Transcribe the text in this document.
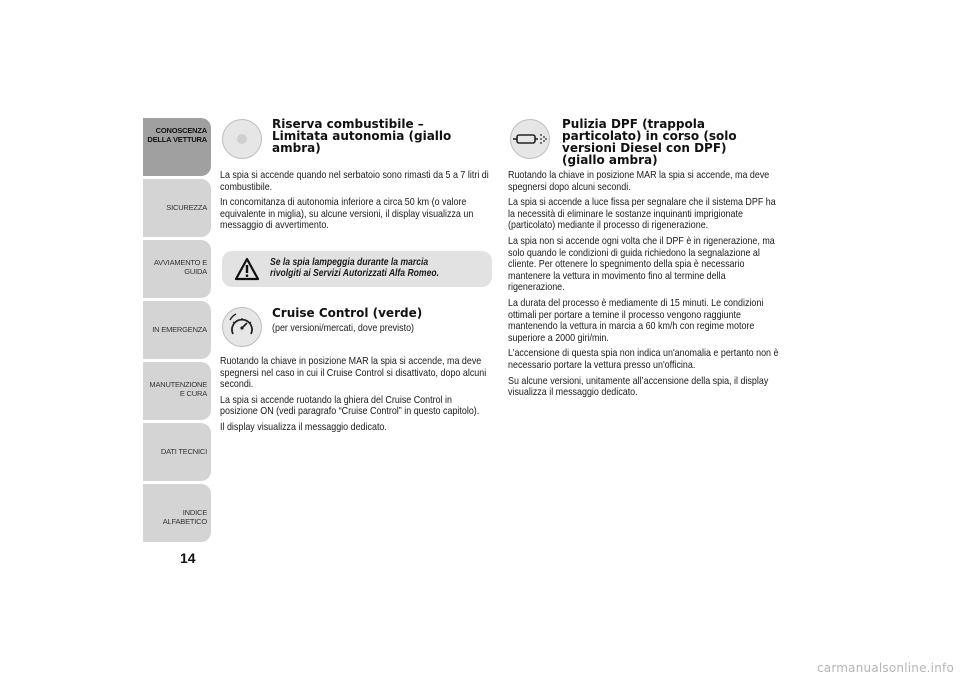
CONOSCENZA DELLA VETTURA
SICUREZZA
AVVIAMENTO E GUIDA
IN EMERGENZA
MANUTENZIONE E CURA
DATI TECNICI
INDICE ALFABETICO
14
Riserva combustibile – Limitata autonomia (giallo ambra)

La spia si accende quando nel serbatoio sono rimasti da 5 a 7 litri di combustibile.

In concomitanza di autonomia inferiore a circa 50 km (o valore equivalente in miglia), su alcune versioni, il display visualizza un messaggio di avvertimento.

Se la spia lampeggia durante la marcia rivolgiti ai Servizi Autorizzati Alfa Romeo.
Cruise Control (verde)

(per versioni/mercati, dove previsto)

Ruotando la chiave in posizione MAR la spia si accende, ma deve spegnersi nel caso in cui il Cruise Control si disattivato, dopo alcuni secondi.

La spia si accende ruotando la ghiera del Cruise Control in posizione ON (vedi paragrafo “Cruise Control” in questo capitolo).

Il display visualizza il messaggio dedicato.

Pulizia DPF (trappola particolato) in corso (solo versioni Diesel con DPF) (giallo ambra)

Ruotando la chiave in posizione MAR la spia si accende, ma deve spegnersi dopo alcuni secondi.

La spia si accende a luce fissa per segnalare che il sistema DPF ha la necessità di eliminare le sostanze inquinanti imprigionate (particolato) mediante il processo di rigenerazione.

La spia non si accende ogni volta che il DPF è in rigenerazione, ma solo quando le condizioni di guida richiedono la segnalazione al cliente. Per ottenere lo spegnimento della spia è necessario mantenere la vettura in movimento fino al termine della rigenerazione.

La durata del processo è mediamente di 15 minuti. Le condizioni ottimali per portare a temine il processo vengono raggiunte mantenendo la vettura in marcia a 60 km/h con regime motore superiore a 2000 giri/min.

L’accensione di questa spia non indica un'anomalia e pertanto non è necessario portare la vettura presso un'officina.

Su alcune versioni, unitamente all’accensione della spia, il display visualizza il messaggio dedicato.

carmanualsonline.info
